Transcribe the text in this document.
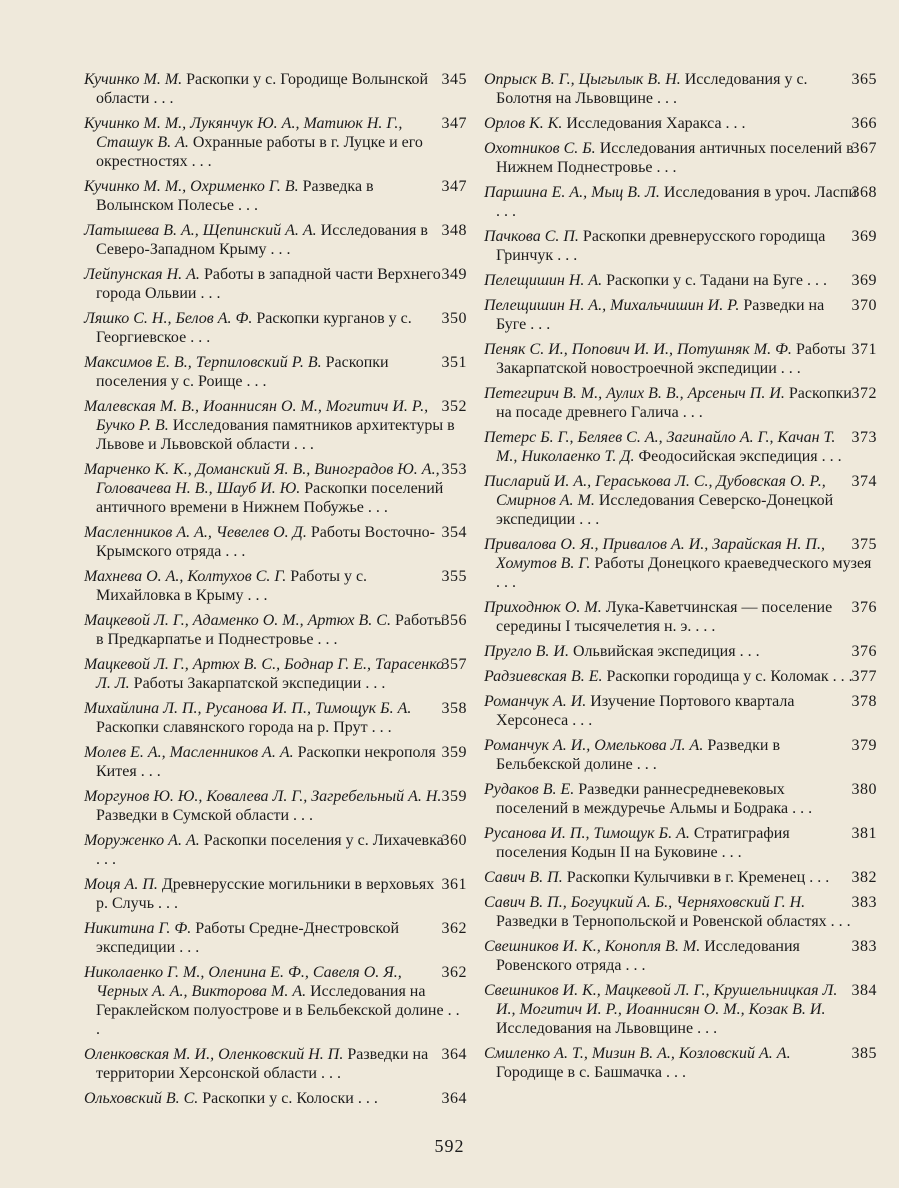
345
Кучинко М. М. Раскопки у с. Городище Волынской области . . .

347
Кучинко М. М., Лукянчук Ю. А., Матиюк Н. Г., Сташук В. А. Охранные работы в г. Луцке и его окрестностях . . .

347
Кучинко М. М., Охрименко Г. В. Разведка в Волынском Полесье . . .

348
Латышева В. А., Щепинский А. А. Исследования в Северо-Западном Крыму . . .

349
Лейпунская Н. А. Работы в западной части Верхнего города Ольвии . . .

350
Ляшко С. Н., Белов А. Ф. Раскопки курганов у с. Георгиевское . . .

351
Максимов Е. В., Терпиловский Р. В. Раскопки поселения у с. Роище . . .

352
Малевская М. В., Иоаннисян О. М., Могитич И. Р., Бучко Р. В. Исследования памятников архитектуры в Львове и Львовской области . . .

353
Марченко К. К., Доманский Я. В., Виноградов Ю. А., Головачева Н. В., Шауб И. Ю. Раскопки поселений античного времени в Нижнем Побужье . . .

354
Масленников А. А., Чевелев О. Д. Работы Восточно-Крымского отряда . . .

355
Махнева О. А., Колтухов С. Г. Работы у с. Михайловка в Крыму . . .

356
Мацкевой Л. Г., Адаменко О. М., Артюх В. С. Работы в Предкарпатье и Поднестровье . . .

357
Мацкевой Л. Г., Артюх В. С., Боднар Г. Е., Тарасенко Л. Л. Работы Закарпатской экспедиции . . .

358
Михайлина Л. П., Русанова И. П., Тимощук Б. А. Раскопки славянского города на р. Прут . . .

359
Молев Е. А., Масленников А. А. Раскопки некрополя Китея . . .

359
Моргунов Ю. Ю., Ковалева Л. Г., Загребельный А. Н. Разведки в Сумской области . . .

360
Моруженко А. А. Раскопки поселения у с. Лихачевка . . .

361
Моця А. П. Древнерусские могильники в верховьях р. Случь . . .

362
Никитина Г. Ф. Работы Средне-Днестровской экспедиции . . .

362
Николаенко Г. М., Оленина Е. Ф., Савеля О. Я., Черных А. А., Викторова М. А. Исследования на Гераклейском полуострове и в Бельбекской долине . . .

364
Оленковская М. И., Оленковский Н. П. Разведки на территории Херсонской области . . .

364
Ольховский В. С. Раскопки у с. Колоски . . .

365
Опрыск В. Г., Цыгылык В. Н. Исследования у с. Болотня на Львовщине . . .

366
Орлов К. К. Исследования Харакса . . .

367
Охотников С. Б. Исследования античных поселений в Нижнем Поднестровье . . .

368
Паршина Е. А., Мыц В. Л. Исследования в уроч. Ласпи . . .

369
Пачкова С. П. Раскопки древнерусского городища Гринчук . . .

369
Пелещишин Н. А. Раскопки у с. Тадани на Буге . . .

370
Пелещишин Н. А., Михальчишин И. Р. Разведки на Буге . . .

371
Пеняк С. И., Попович И. И., Потушняк М. Ф. Работы Закарпатской новостроечной экспедиции . . .

372
Петегирич В. М., Аулих В. В., Арсеныч П. И. Раскопки на посаде древнего Галича . . .

373
Петерс Б. Г., Беляев С. А., Загинайло А. Г., Качан Т. М., Николаенко Т. Д. Феодосийская экспедиция . . .

374
Писларий И. А., Гераськова Л. С., Дубовская О. Р., Смирнов А. М. Исследования Северско-Донецкой экспедиции . . .

375
Привалова О. Я., Привалов А. И., Зарайская Н. П., Хомутов В. Г. Работы Донецкого краеведческого музея . . .

376
Приходнюк О. М. Лука-Каветчинская — поселение середины I тысячелетия н. э. . . .

376
Пругло В. И. Ольвийская экспедиция . . .

377
Радзиевская В. Е. Раскопки городища у с. Коломак . . .

378
Романчук А. И. Изучение Портового квартала Херсонеса . . .

379
Романчук А. И., Омелькова Л. А. Разведки в Бельбекской долине . . .

380
Рудаков В. Е. Разведки раннесредневековых поселений в междуречье Альмы и Бодрака . . .

381
Русанова И. П., Тимощук Б. А. Стратиграфия поселения Кодын II на Буковине . . .

382
Савич В. П. Раскопки Кулычивки в г. Кременец . . .

383
Савич В. П., Богуцкий А. Б., Черняховский Г. Н. Разведки в Тернопольской и Ровенской областях . . .

383
Свешников И. К., Конопля В. М. Исследования Ровенского отряда . . .

384
Свешников И. К., Мацкевой Л. Г., Крушельницкая Л. И., Могитич И. Р., Иоаннисян О. М., Козак В. И. Исследования на Львовщине . . .

385
Смиленко А. Т., Мизин В. А., Козловский А. А. Городище в с. Башмачка . . .

592
